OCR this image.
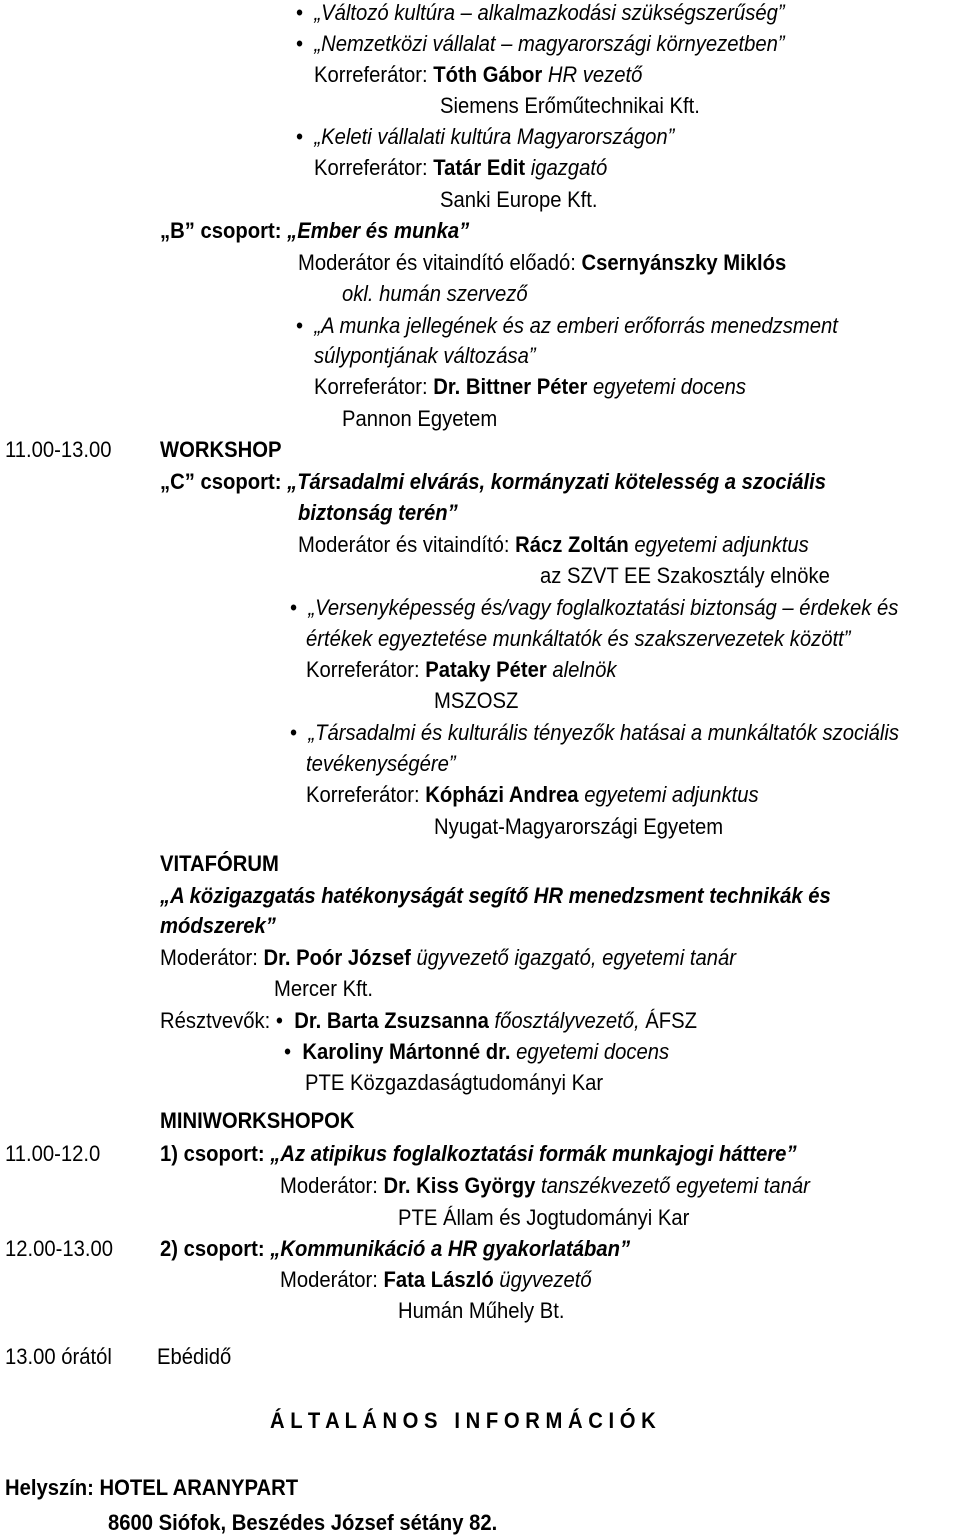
• „Változó kultúra – alkalmazkodási szükségszerűség”
• „Nemzetközi vállalat – magyarországi környezetben”
Korreferátor: Tóth Gábor HR vezető
Siemens Erőműtechnikai Kft.
• „Keleti vállalati kultúra Magyarországon”
Korreferátor: Tatár Edit igazgató
Sanki Europe Kft.
„B” csoport: „Ember és munka”
Moderátor és vitaindító előadó: Csernyánszky Miklós
okl. humán szervező
• „A munka jellegének és az emberi erőforrás menedzsment
súlypontjának változása”
Korreferátor: Dr. Bittner Péter egyetemi docens
Pannon Egyetem
11.00-13.00 WORKSHOP
„C” csoport: „Társadalmi elvárás, kormányzati kötelesség a szociális
biztonság terén”
Moderátor és vitaindító: Rácz Zoltán egyetemi adjunktus
az SZVT EE Szakosztály elnöke
• „Versenyképesség és/vagy foglalkoztatási biztonság – érdekek és
értékek egyeztetése munkáltatók és szakszervezetek között”
Korreferátor: Pataky Péter alelnök
MSZOSZ
• „Társadalmi és kulturális tényezők hatásai a munkáltatók szociális
tevékenységére”
Korreferátor: Kópházi Andrea egyetemi adjunktus
Nyugat-Magyarországi Egyetem
VITAFÓRUM
„A közigazgatás hatékonyságát segítő HR menedzsment technikák és
módszerek”
Moderátor: Dr. Poór József ügyvezető igazgató, egyetemi tanár
Mercer Kft.
Résztvevők: • Dr. Barta Zsuzsanna főosztályvezető, ÁFSZ
• Karoliny Mártonné dr. egyetemi docens
PTE Közgazdaságtudományi Kar
MINIWORKSHOPOK
11.00-12.0	1) csoport: „Az atipikus foglalkoztatási formák munkajogi háttere”
Moderátor: Dr. Kiss György tanszékvezető egyetemi tanár
PTE Állam és Jogtudományi Kar
12.00-13.00 2) csoport: „Kommunikáció a HR gyakorlatában”
Moderátor: Fata László ügyvezető
Humán Műhely Bt.
13.00 órától Ebédidő
Á L T A L Á N O S   I N F O R M Á C I Ó K
Helyszín: HOTEL ARANYPART
8600 Siófok, Beszédes József sétány 82.
